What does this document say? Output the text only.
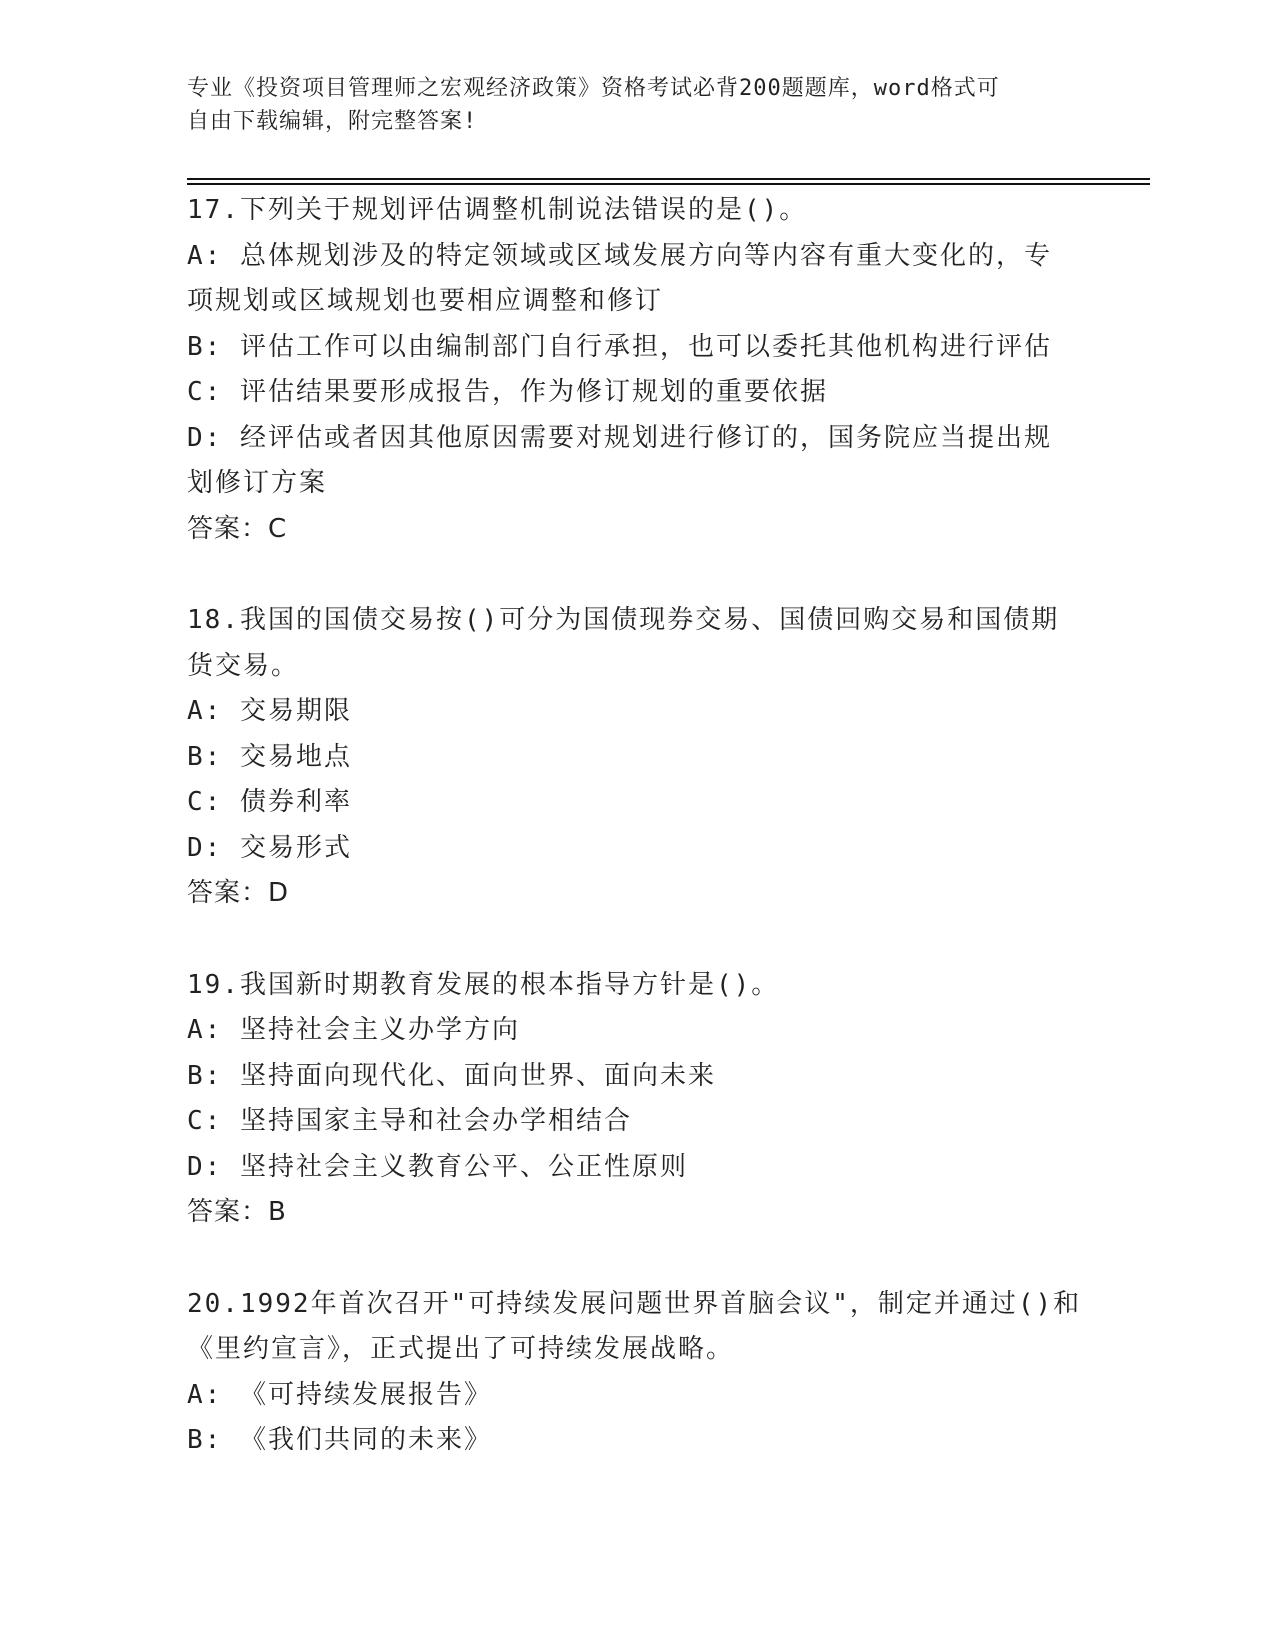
专业《投资项目管理师之宏观经济政策》资格考试必背200题题库，word格式可
自由下载编辑，附完整答案!
17.下列关于规划评估调整机制说法错误的是()。
A: 总体规划涉及的特定领域或区域发展方向等内容有重大变化的，专
项规划或区域规划也要相应调整和修订
B: 评估工作可以由编制部门自行承担，也可以委托其他机构进行评估
C: 评估结果要形成报告，作为修订规划的重要依据
D: 经评估或者因其他原因需要对规划进行修订的，国务院应当提出规
划修订方案
答案：C
18.我国的国债交易按()可分为国债现券交易、国债回购交易和国债期
货交易。
A: 交易期限
B: 交易地点
C: 债券利率
D: 交易形式
答案：D
19.我国新时期教育发展的根本指导方针是()。
A: 坚持社会主义办学方向
B: 坚持面向现代化、面向世界、面向未来
C: 坚持国家主导和社会办学相结合
D: 坚持社会主义教育公平、公正性原则
答案：B
20.1992年首次召开"可持续发展问题世界首脑会议"，制定并通过()和
《里约宣言》，正式提出了可持续发展战略。
A: 《可持续发展报告》
B: 《我们共同的未来》
